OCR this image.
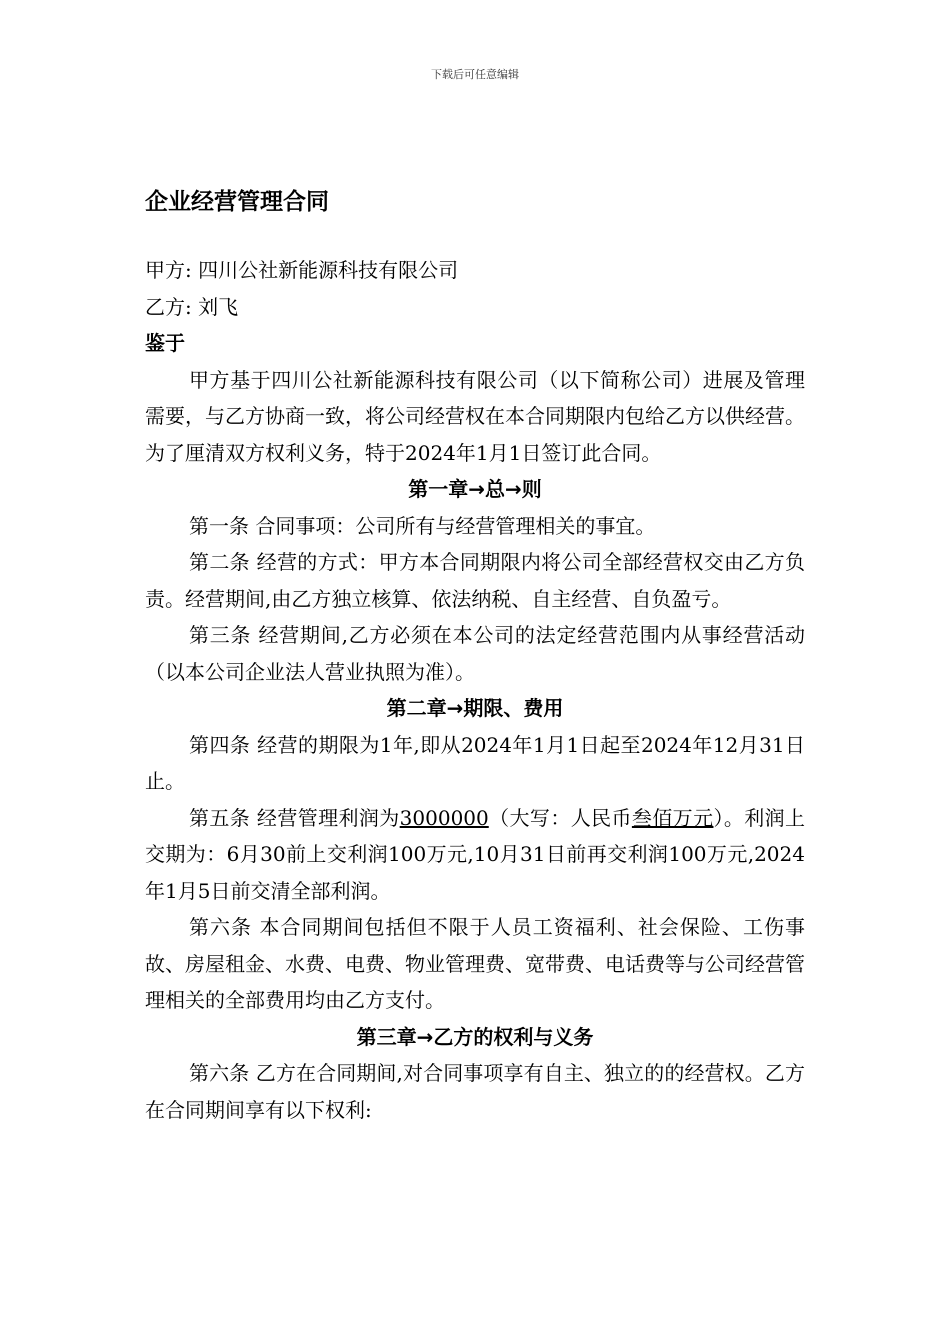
下载后可任意编辑
企业经营管理合同

甲方: 四川公社新能源科技有限公司

乙方: 刘飞

鉴于

甲方基于四川公社新能源科技有限公司（以下简称公司）进展及管理需要，与乙方协商一致，将公司经营权在本合同期限内包给乙方以供经营。为了厘清双方权利义务，特于2024年1月1日签订此合同。

第一章→总→则

第一条 合同事项：公司所有与经营管理相关的事宜。

第二条 经营的方式：甲方本合同期限内将公司全部经营权交由乙方负责。经营期间,由乙方独立核算、依法纳税、自主经营、自负盈亏。

第三条 经营期间,乙方必须在本公司的法定经营范围内从事经营活动（以本公司企业法人营业执照为准）。

第二章→期限、费用

第四条 经营的期限为1年,即从2024年1月1日起至2024年12月31日止。

第五条 经营管理利润为3000000（大写：人民币叁佰万元）。利润上交期为：6月30前上交利润100万元,10月31日前再交利润100万元,2024年1月5日前交清全部利润。

第六条 本合同期间包括但不限于人员工资福利、社会保险、工伤事故、房屋租金、水费、电费、物业管理费、宽带费、电话费等与公司经营管理相关的全部费用均由乙方支付。

第三章→乙方的权利与义务

第六条 乙方在合同期间,对合同事项享有自主、独立的的经营权。乙方在合同期间享有以下权利:
